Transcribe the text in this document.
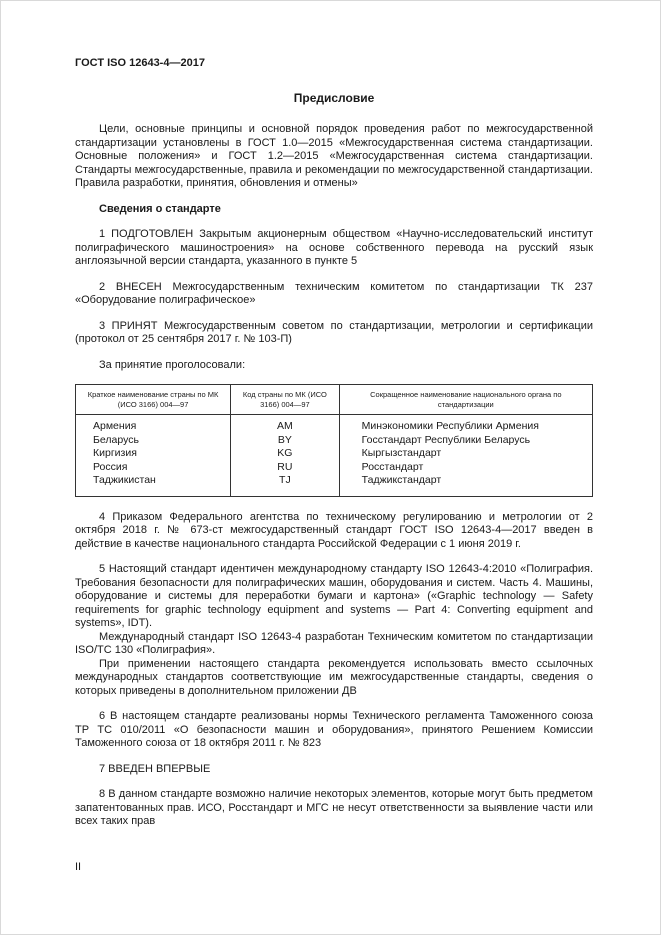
ГОСТ ISO 12643-4—2017
Предисловие

Цели, основные принципы и основной порядок проведения работ по межгосударственной стандартизации установлены в ГОСТ 1.0—2015 «Межгосударственная система стандартизации. Основные положения» и ГОСТ 1.2—2015 «Межгосударственная система стандартизации. Стандарты межгосударственные, правила и рекомендации по межгосударственной стандартизации. Правила разработки, принятия, обновления и отмены»

Сведения о стандарте

1 ПОДГОТОВЛЕН Закрытым акционерным обществом «Научно-исследовательский институт полиграфического машиностроения» на основе собственного перевода на русский язык англоязычной версии стандарта, указанного в пункте 5

2 ВНЕСЕН Межгосударственным техническим комитетом по стандартизации ТК 237 «Оборудование полиграфическое»

3 ПРИНЯТ Межгосударственным советом по стандартизации, метрологии и сертификации (протокол от 25 сентября 2017 г. № 103-П)

За принятие проголосовали:

Краткое наименование страны по МК (ИСО 3166) 004—97	Код страны по МК (ИСО 3166) 004—97	Сокращенное наименование национального органа по стандартизации
Армения	AM	Минэкономики Республики Армения
Беларусь	BY	Госстандарт Республики Беларусь
Киргизия	KG	Кыргызстандарт
Россия	RU	Росстандарт
Таджикистан	TJ	Таджикстандарт

4 Приказом Федерального агентства по техническому регулированию и метрологии от 2 октября 2018 г. № 673-ст межгосударственный стандарт ГОСТ ISO 12643-4—2017 введен в действие в качестве национального стандарта Российской Федерации с 1 июня 2019 г.

5 Настоящий стандарт идентичен международному стандарту ISO 12643-4:2010 «Полиграфия. Требования безопасности для полиграфических машин, оборудования и систем. Часть 4. Машины, оборудование и системы для переработки бумаги и картона» («Graphic technology — Safety requirements for graphic technology equipment and systems — Part 4: Converting equipment and systems», IDT).

Международный стандарт ISO 12643-4 разработан Техническим комитетом по стандартизации ISO/ТС 130 «Полиграфия».

При применении настоящего стандарта рекомендуется использовать вместо ссылочных международных стандартов соответствующие им межгосударственные стандарты, сведения о которых приведены в дополнительном приложении ДВ

6 В настоящем стандарте реализованы нормы Технического регламента Таможенного союза ТР ТС 010/2011 «О безопасности машин и оборудования», принятого Решением Комиссии Таможенного союза от 18 октября 2011 г. № 823

7 ВВЕДЕН ВПЕРВЫЕ

8 В данном стандарте возможно наличие некоторых элементов, которые могут быть предметом запатентованных прав. ИСО, Росстандарт и МГС не несут ответственности за выявление части или всех таких прав

II
